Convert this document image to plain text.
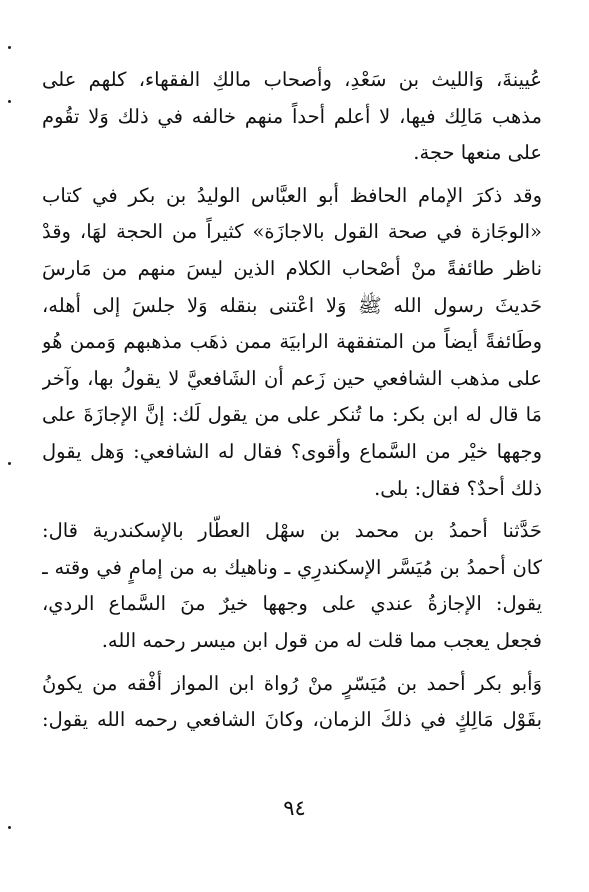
عُيينةَ، وَالليث بن سَعْدِ، وأصحاب مالكِ الفقهاء، كلهم على
مذهب مَالِك فيها، لا أعلم أحداً منهم خالفه في ذلك وَلا تقُوم
على منعها حجة.
وقد ذكرَ الإمام الحافظ أبو العبَّاس الوليدُ بن بكر في كتاب
«الوجَازة في صحة القول بالاجازَة» كثيراً من الحجة لهَا، وقدْ
ناظر طائفةً منْ أصْحاب الكلام الذين ليسَ منهم من مَارسَ
حَديثَ رسول الله ﷺ وَلا اعْتنى بنقله وَلا جلسَ إلى أهله،
وطَائفةً أيضاً من المتفقهة الرابيَة ممن ذهَب مذهبهم وَممن هُو
على مذهب الشافعي حين زَعم أن الشَافعيَّ لا يقولُ بها، وآخر
مَا قال له ابن بكر: ما تُنكر على من يقول لَك: إنَّ الإجازَةَ على
وجهها خيْر من السَّماع وأقوى؟ فقال له الشافعي: وَهل يقول
ذلك أحدٌ؟ فقال: بلى.
حَدَّثنا أحمدُ بن محمد بن سهْل العطّار بالإسكندرية قال:
كان أحمدُ بن مُيَسَّر الإسكندرِي ـ وناهيك به من إمامٍ في وقته ـ
يقول: الإجازةُ عندي على وجهها خيرٌ منَ السَّماع الردي،
فجعل يعجب مما قلت له من قول ابن ميسر رحمه الله.
وَأبو بكر أحمد بن مُيَسّرٍ منْ رُواة ابن المواز أفْقه من يكونُ
بقَوْل مَالِكٍ في ذلكَ الزمان، وكانَ الشافعي رحمه الله يقول:
٩٤
